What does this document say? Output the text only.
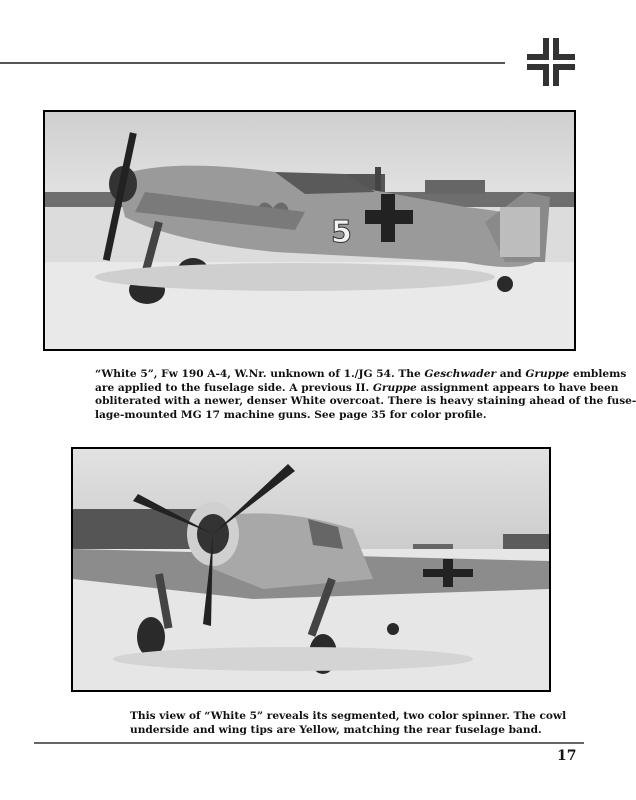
5
“White 5”, Fw 190 A-4, W.Nr. unknown of 1./JG 54. The Geschwader and Gruppe emblems
are applied to the fuselage side. A previous II. Gruppe assignment appears to have been
obliterated with a newer, denser White overcoat. There is heavy staining ahead of the fuse-
lage-mounted MG 17 machine guns. See page 35 for color profile.
This view of “White 5” reveals its segmented, two color spinner. The cowl
underside and wing tips are Yellow, matching the rear fuselage band.
17
